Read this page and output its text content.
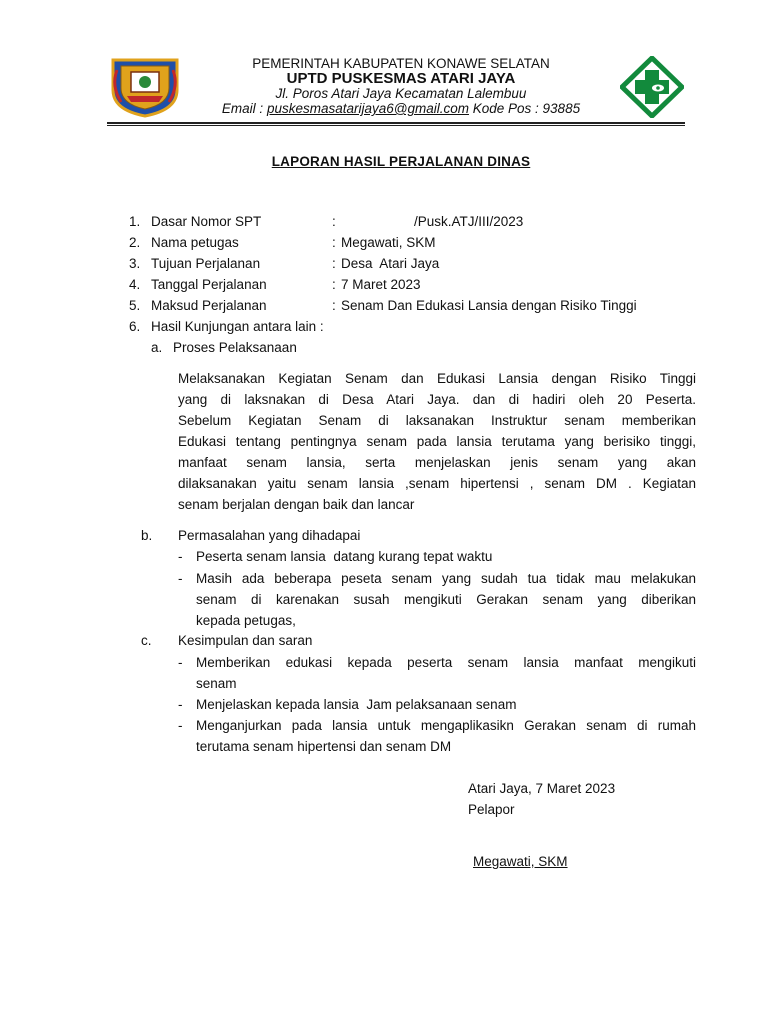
PEMERINTAH KABUPATEN KONAWE SELATAN
UPTD PUSKESMAS ATARI JAYA
Jl. Poros Atari Jaya Kecamatan Lalembuu
Email : puskesmasatarijaya6@gmail.com Kode Pos : 93885
LAPORAN HASIL PERJALANAN DINAS
1. Dasar Nomor SPT	:	/Pusk.ATJ/III/2023
2. Nama petugas	: Megawati, SKM
3. Tujuan Perjalanan	: Desa  Atari Jaya
4. Tanggal Perjalanan	: 7 Maret 2023
5. Maksud Perjalanan	: Senam Dan Edukasi Lansia dengan Risiko Tinggi
6. Hasil Kunjungan antara lain :
a. Proses Pelaksanaan
Melaksanakan Kegiatan Senam dan Edukasi Lansia dengan Risiko Tinggi
yang di laksnakan di Desa Atari Jaya. dan di hadiri oleh 20 Peserta.
Sebelum Kegiatan Senam di laksanakan Instruktur senam memberikan
Edukasi tentang pentingnya senam pada lansia terutama yang berisiko tinggi,
manfaat senam lansia, serta menjelaskan jenis senam yang akan
dilaksanakan yaitu senam lansia ,senam hipertensi , senam DM . Kegiatan
senam berjalan dengan baik dan lancar
b. Permasalahan yang dihadapai
- Peserta senam lansia  datang kurang tepat waktu
- Masih ada beberapa peseta senam yang sudah tua tidak mau melakukan
senam di karenakan susah mengikuti Gerakan senam yang diberikan
kepada petugas,
c. Kesimpulan dan saran
- Memberikan edukasi kepada peserta senam lansia manfaat mengikuti
senam
- Menjelaskan kepada lansia  Jam pelaksanaan senam
- Menganjurkan pada lansia untuk mengaplikasikn Gerakan senam di rumah
terutama senam hipertensi dan senam DM
Atari Jaya, 7 Maret 2023
Pelapor
Megawati, SKM
